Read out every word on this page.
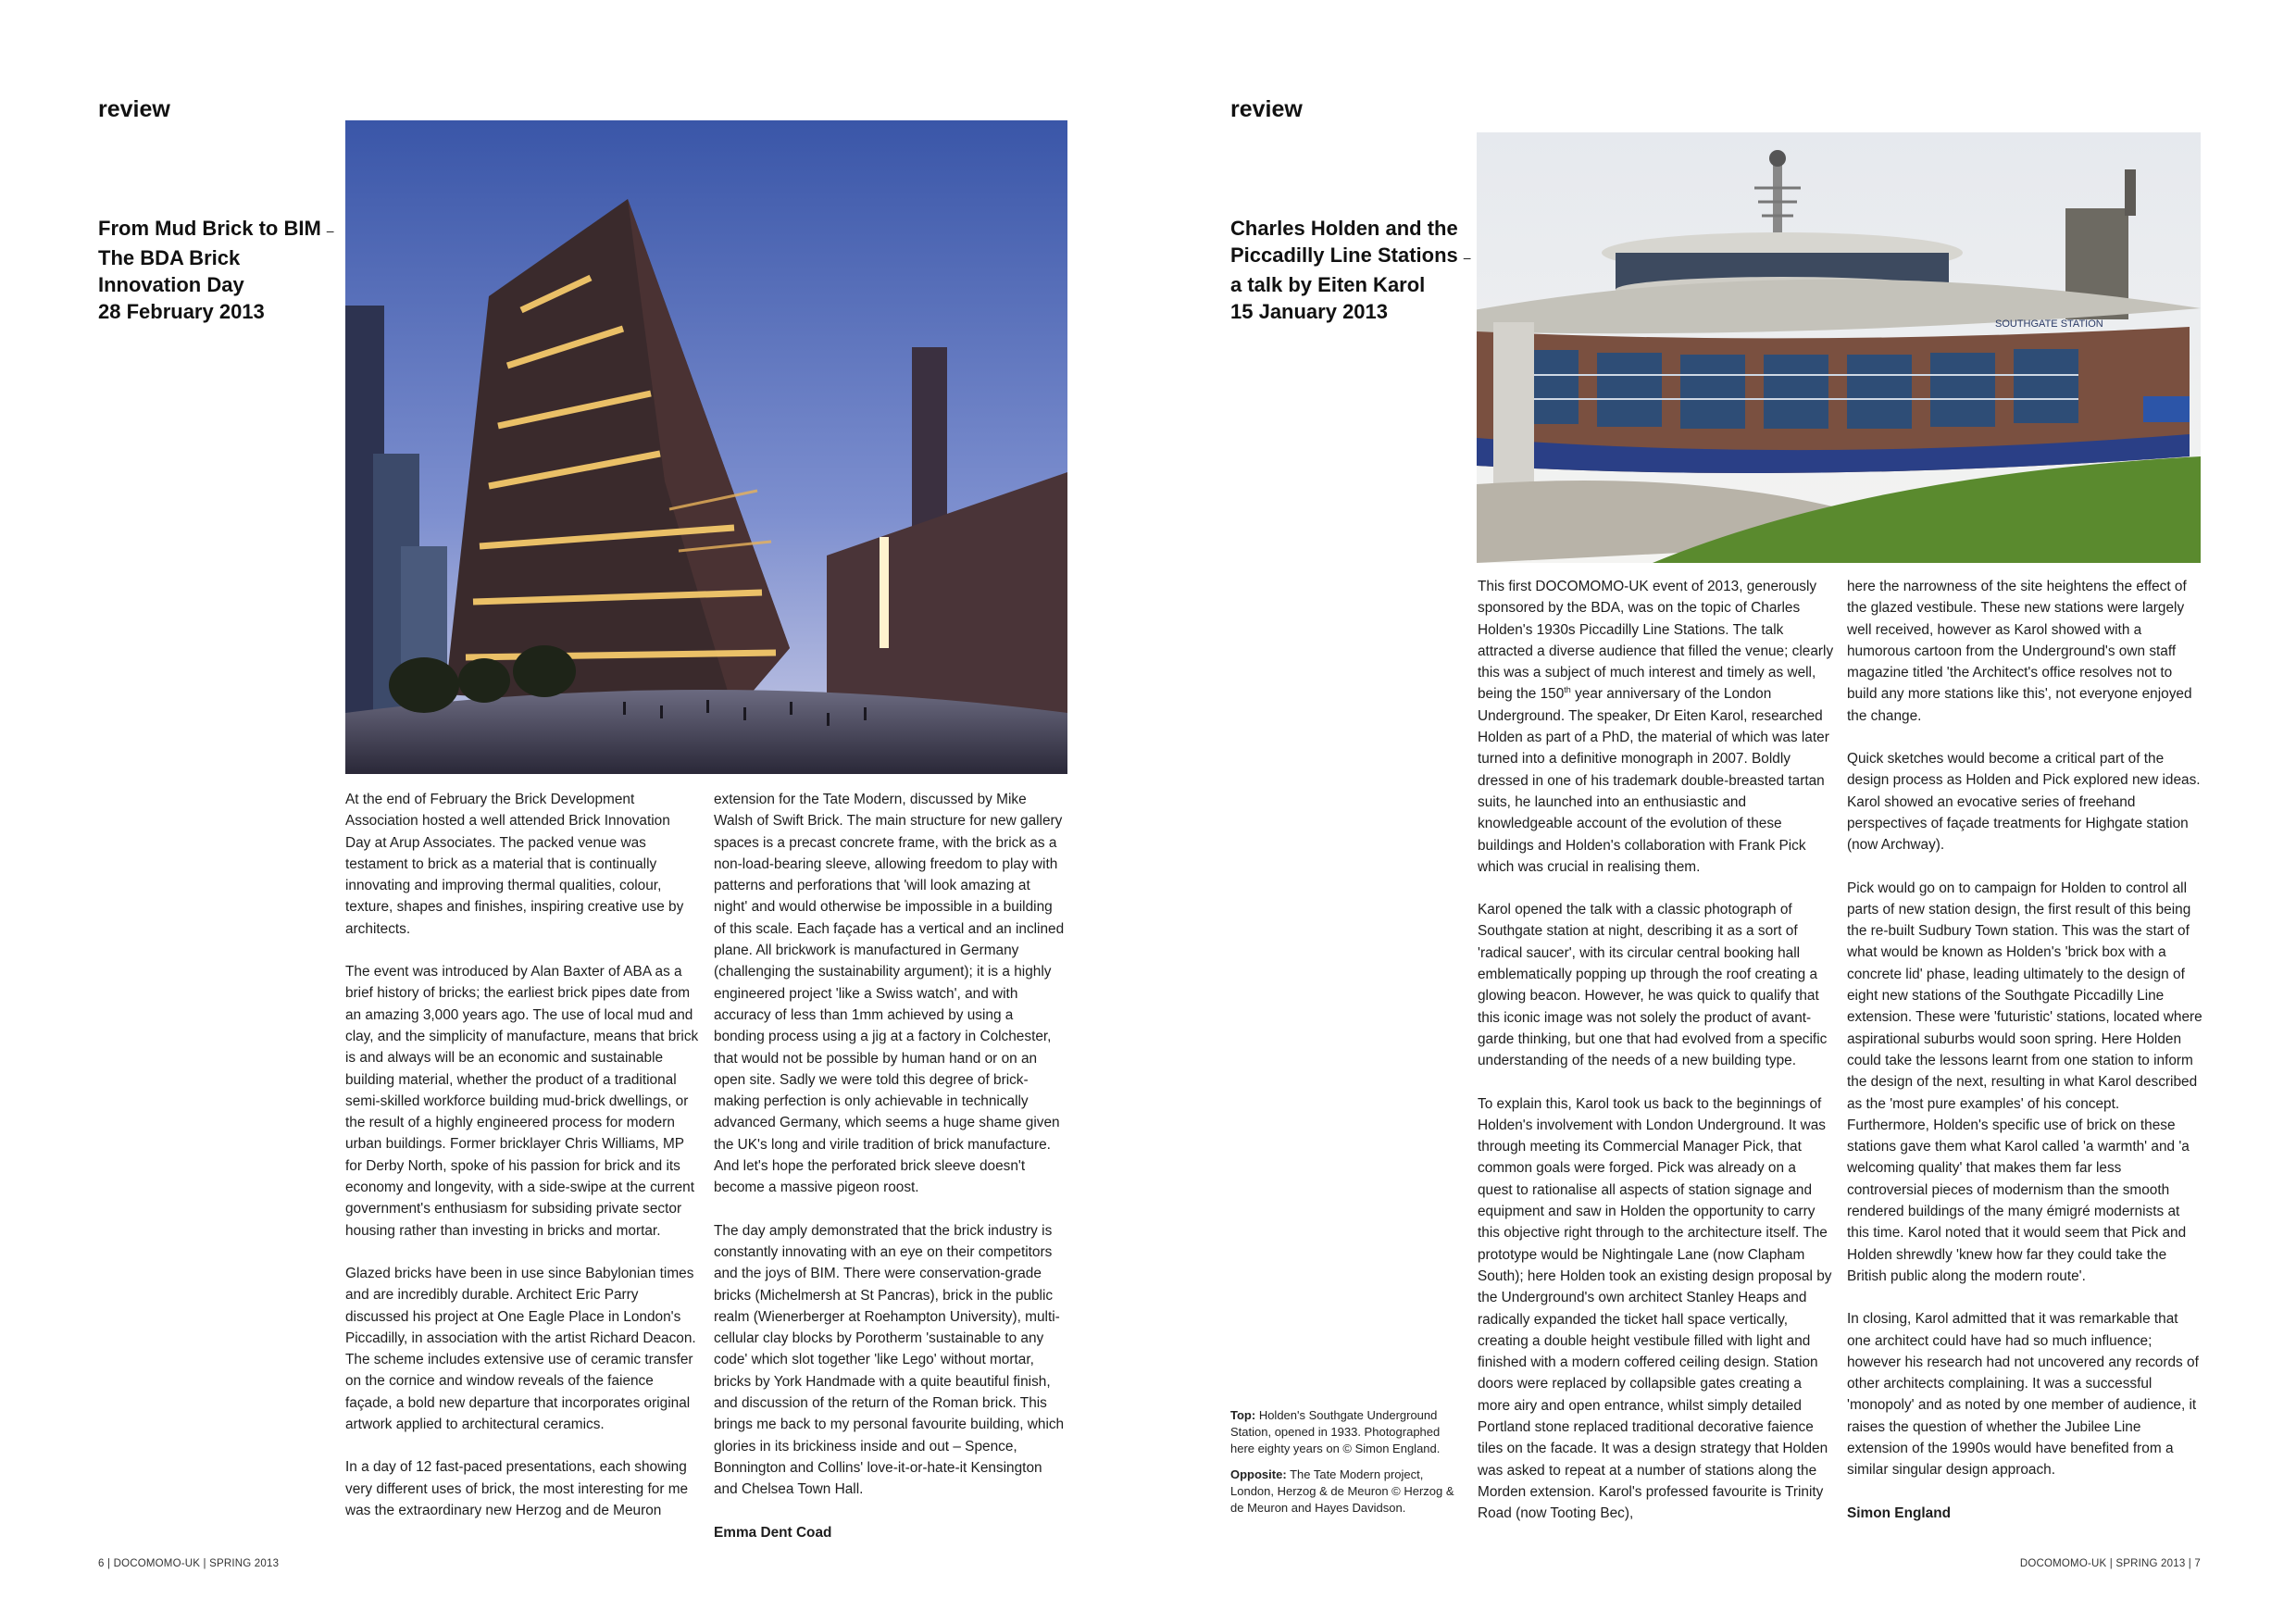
review
From Mud Brick to BIM –
The BDA Brick
Innovation Day
28 February 2013

At the end of February the Brick Development Association hosted a well attended Brick Innovation Day at Arup Associates. The packed venue was testament to brick as a material that is continually innovating and improving thermal qualities, colour, texture, shapes and finishes, inspiring creative use by architects.

The event was introduced by Alan Baxter of ABA as a brief history of bricks; the earliest brick pipes date from an amazing 3,000 years ago. The use of local mud and clay, and the simplicity of manufacture, means that brick is and always will be an economic and sustainable building material, whether the product of a traditional semi-skilled workforce building mud-brick dwellings, or the result of a highly engineered process for modern urban buildings. Former bricklayer Chris Williams, MP for Derby North, spoke of his passion for brick and its economy and longevity, with a side-swipe at the current government's enthusiasm for subsiding private sector housing rather than investing in bricks and mortar.

Glazed bricks have been in use since Babylonian times and are incredibly durable. Architect Eric Parry discussed his project at One Eagle Place in London's Piccadilly, in association with the artist Richard Deacon. The scheme includes extensive use of ceramic transfer on the cornice and window reveals of the faience façade, a bold new departure that incorporates original artwork applied to architectural ceramics.

In a day of 12 fast-paced presentations, each showing very different uses of brick, the most interesting for me was the extraordinary new Herzog and de Meuron

extension for the Tate Modern, discussed by Mike Walsh of Swift Brick. The main structure for new gallery spaces is a precast concrete frame, with the brick as a non-load-bearing sleeve, allowing freedom to play with patterns and perforations that 'will look amazing at night' and would otherwise be impossible in a building of this scale. Each façade has a vertical and an inclined plane. All brickwork is manufactured in Germany (challenging the sustainability argument); it is a highly engineered project 'like a Swiss watch', and with accuracy of less than 1mm achieved by using a bonding process using a jig at a factory in Colchester, that would not be possible by human hand or on an open site. Sadly we were told this degree of brick-making perfection is only achievable in technically advanced Germany, which seems a huge shame given the UK's long and virile tradition of brick manufacture. And let's hope the perforated brick sleeve doesn't become a massive pigeon roost.

The day amply demonstrated that the brick industry is constantly innovating with an eye on their competitors and the joys of BIM. There were conservation-grade bricks (Michelmersh at St Pancras), brick in the public realm (Wienerberger at Roehampton University), multi-cellular clay blocks by Porotherm 'sustainable to any code' which slot together 'like Lego' without mortar, bricks by York Handmade with a quite beautiful finish, and discussion of the return of the Roman brick. This brings me back to my personal favourite building, which glories in its brickiness inside and out – Spence, Bonnington and Collins' love-it-or-hate-it Kensington and Chelsea Town Hall.

Emma Dent Coad

6 | DOCOMOMO-UK | SPRING 2013
review
Charles Holden and the
Piccadilly Line Stations –
a talk by Eiten Karol
15 January 2013
SOUTHGATE STATION

This first DOCOMOMO-UK event of 2013, generously sponsored by the BDA, was on the topic of Charles Holden's 1930s Piccadilly Line Stations. The talk attracted a diverse audience that filled the venue; clearly this was a subject of much interest and timely as well, being the 150th year anniversary of the London Underground. The speaker, Dr Eiten Karol, researched Holden as part of a PhD, the material of which was later turned into a definitive monograph in 2007. Boldly dressed in one of his trademark double-breasted tartan suits, he launched into an enthusiastic and knowledgeable account of the evolution of these buildings and Holden's collaboration with Frank Pick which was crucial in realising them.

Karol opened the talk with a classic photograph of Southgate station at night, describing it as a sort of 'radical saucer', with its circular central booking hall emblematically popping up through the roof creating a glowing beacon. However, he was quick to qualify that this iconic image was not solely the product of avant-garde thinking, but one that had evolved from a specific understanding of the needs of a new building type.

To explain this, Karol took us back to the beginnings of Holden's involvement with London Underground. It was through meeting its Commercial Manager Pick, that common goals were forged. Pick was already on a quest to rationalise all aspects of station signage and equipment and saw in Holden the opportunity to carry this objective right through to the architecture itself. The prototype would be Nightingale Lane (now Clapham South); here Holden took an existing design proposal by the Underground's own architect Stanley Heaps and radically expanded the ticket hall space vertically, creating a double height vestibule filled with light and finished with a modern coffered ceiling design. Station doors were replaced by collapsible gates creating a more airy and open entrance, whilst simply detailed Portland stone replaced traditional decorative faience tiles on the facade. It was a design strategy that Holden was asked to repeat at a number of stations along the Morden extension. Karol's professed favourite is Trinity Road (now Tooting Bec),

here the narrowness of the site heightens the effect of the glazed vestibule. These new stations were largely well received, however as Karol showed with a humorous cartoon from the Underground's own staff magazine titled 'the Architect's office resolves not to build any more stations like this', not everyone enjoyed the change.

Quick sketches would become a critical part of the design process as Holden and Pick explored new ideas. Karol showed an evocative series of freehand perspectives of façade treatments for Highgate station (now Archway).

Pick would go on to campaign for Holden to control all parts of new station design, the first result of this being the re-built Sudbury Town station. This was the start of what would be known as Holden's 'brick box with a concrete lid' phase, leading ultimately to the design of eight new stations of the Southgate Piccadilly Line extension. These were 'futuristic' stations, located where aspirational suburbs would soon spring. Here Holden could take the lessons learnt from one station to inform the design of the next, resulting in what Karol described as the 'most pure examples' of his concept. Furthermore, Holden's specific use of brick on these stations gave them what Karol called 'a warmth' and 'a welcoming quality' that makes them far less controversial pieces of modernism than the smooth rendered buildings of the many émigré modernists at this time. Karol noted that it would seem that Pick and Holden shrewdly 'knew how far they could take the British public along the modern route'.

In closing, Karol admitted that it was remarkable that one architect could have had so much influence; however his research had not uncovered any records of other architects complaining. It was a successful 'monopoly' and as noted by one member of audience, it raises the question of whether the Jubilee Line extension of the 1990s would have benefited from a similar singular design approach.

Simon England

Top: Holden's Southgate Underground Station, opened in 1933. Photographed here eighty years on © Simon England.

Opposite: The Tate Modern project, London, Herzog & de Meuron © Herzog & de Meuron and Hayes Davidson.

DOCOMOMO-UK | SPRING 2013 | 7
